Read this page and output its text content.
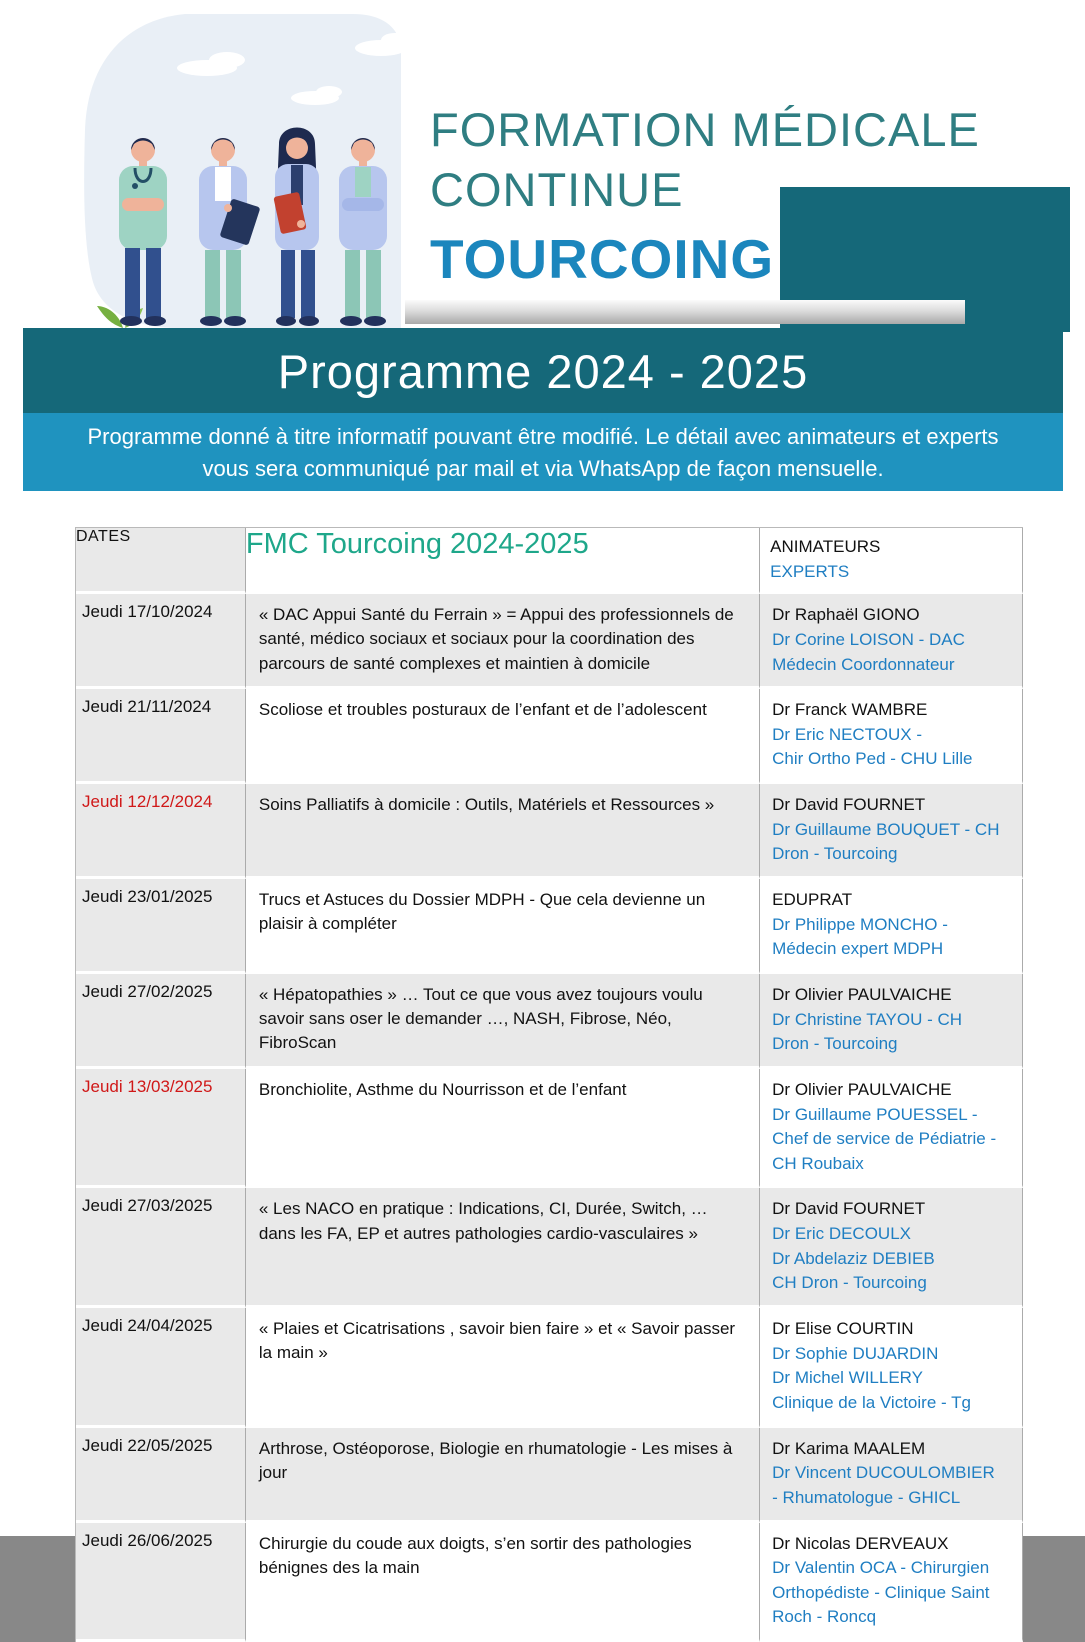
FORMATION MÉDICALE
CONTINUE
TOURCOING
Programme 2024 - 2025
Programme donné à titre informatif pouvant être modifié. Le détail avec animateurs et experts
vous sera communiqué par mail et via WhatsApp de façon mensuelle.
DATES	FMC Tourcoing 2024-2025	ANIMATEURS
EXPERTS

Jeudi 17/10/2024	« DAC Appui Santé du Ferrain » = Appui des professionnels de santé, médico sociaux et sociaux pour la coordination des parcours de santé complexes et maintien à domicile	Dr Raphaël GIONO
Dr Corine LOISON - DAC
Médecin Coordonnateur

Jeudi 21/11/2024	Scoliose et troubles posturaux de l’enfant et de l’adolescent	Dr Franck WAMBRE
Dr Eric NECTOUX -
Chir Ortho Ped - CHU Lille

Jeudi 12/12/2024	Soins Palliatifs à domicile : Outils, Matériels et Ressources »	Dr David FOURNET
Dr Guillaume BOUQUET - CH
Dron - Tourcoing

Jeudi 23/01/2025	Trucs et Astuces du Dossier MDPH - Que cela devienne un plaisir à compléter	EDUPRAT
Dr Philippe MONCHO -
Médecin expert MDPH

Jeudi 27/02/2025	« Hépatopathies » … Tout ce que vous avez toujours voulu savoir sans oser le demander …, NASH, Fibrose, Néo, FibroScan	Dr Olivier PAULVAICHE
Dr Christine TAYOU - CH
Dron - Tourcoing

Jeudi 13/03/2025	Bronchiolite, Asthme du Nourrisson et de l’enfant	Dr Olivier PAULVAICHE
Dr Guillaume POUESSEL -
Chef de service de Pédiatrie -
CH Roubaix

Jeudi 27/03/2025	« Les NACO en pratique : Indications, CI, Durée, Switch, … dans les FA, EP et autres pathologies cardio-vasculaires »	Dr David FOURNET
Dr Eric DECOULX
Dr Abdelaziz DEBIEB
CH Dron - Tourcoing

Jeudi 24/04/2025	« Plaies et Cicatrisations , savoir bien faire » et « Savoir passer la main »	Dr Elise COURTIN
Dr Sophie DUJARDIN
Dr Michel WILLERY
Clinique de la Victoire - Tg

Jeudi 22/05/2025	Arthrose, Ostéoporose, Biologie en rhumatologie - Les mises à jour	Dr Karima MAALEM
Dr Vincent DUCOULOMBIER
- Rhumatologue - GHICL

Jeudi 26/06/2025	Chirurgie du coude aux doigts, s’en sortir des pathologies bénignes des la main	Dr Nicolas DERVEAUX
Dr Valentin OCA - Chirurgien
Orthopédiste - Clinique Saint
Roch - Roncq
